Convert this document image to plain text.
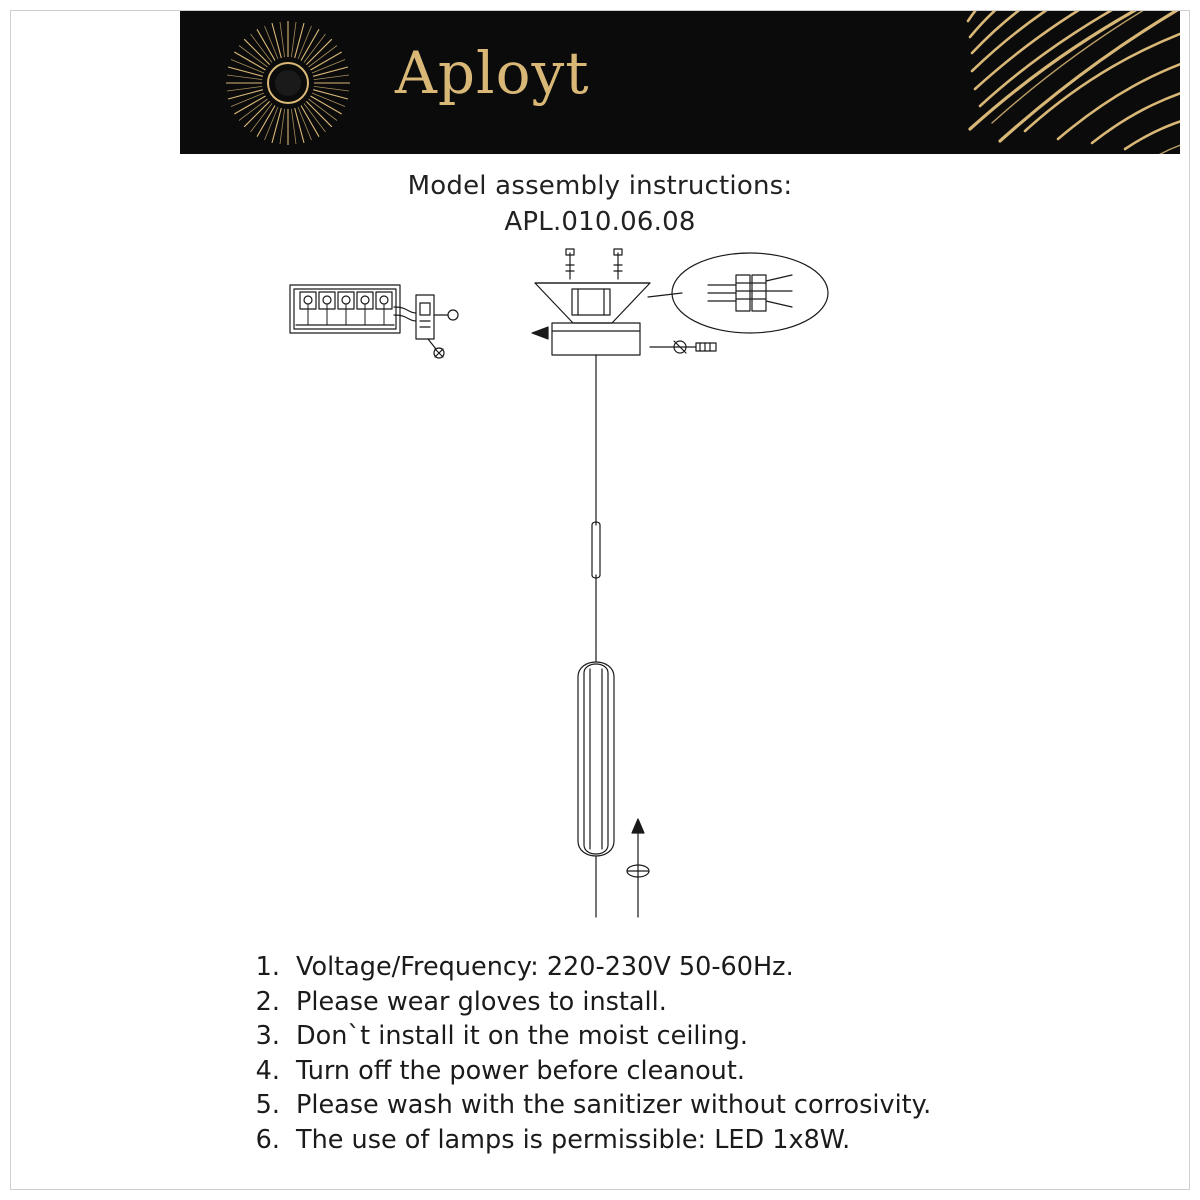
Aployt
Model assembly instructions:
APL.010.06.08
1. Voltage/Frequency: 220-230V 50-60Hz.
2. Please wear gloves to install.
3. Don`t install it on the moist ceiling.
4. Turn off the power before cleanout.
5. Please wash with the sanitizer without corrosivity.
6. The use of lamps is permissible: LED 1x8W.
